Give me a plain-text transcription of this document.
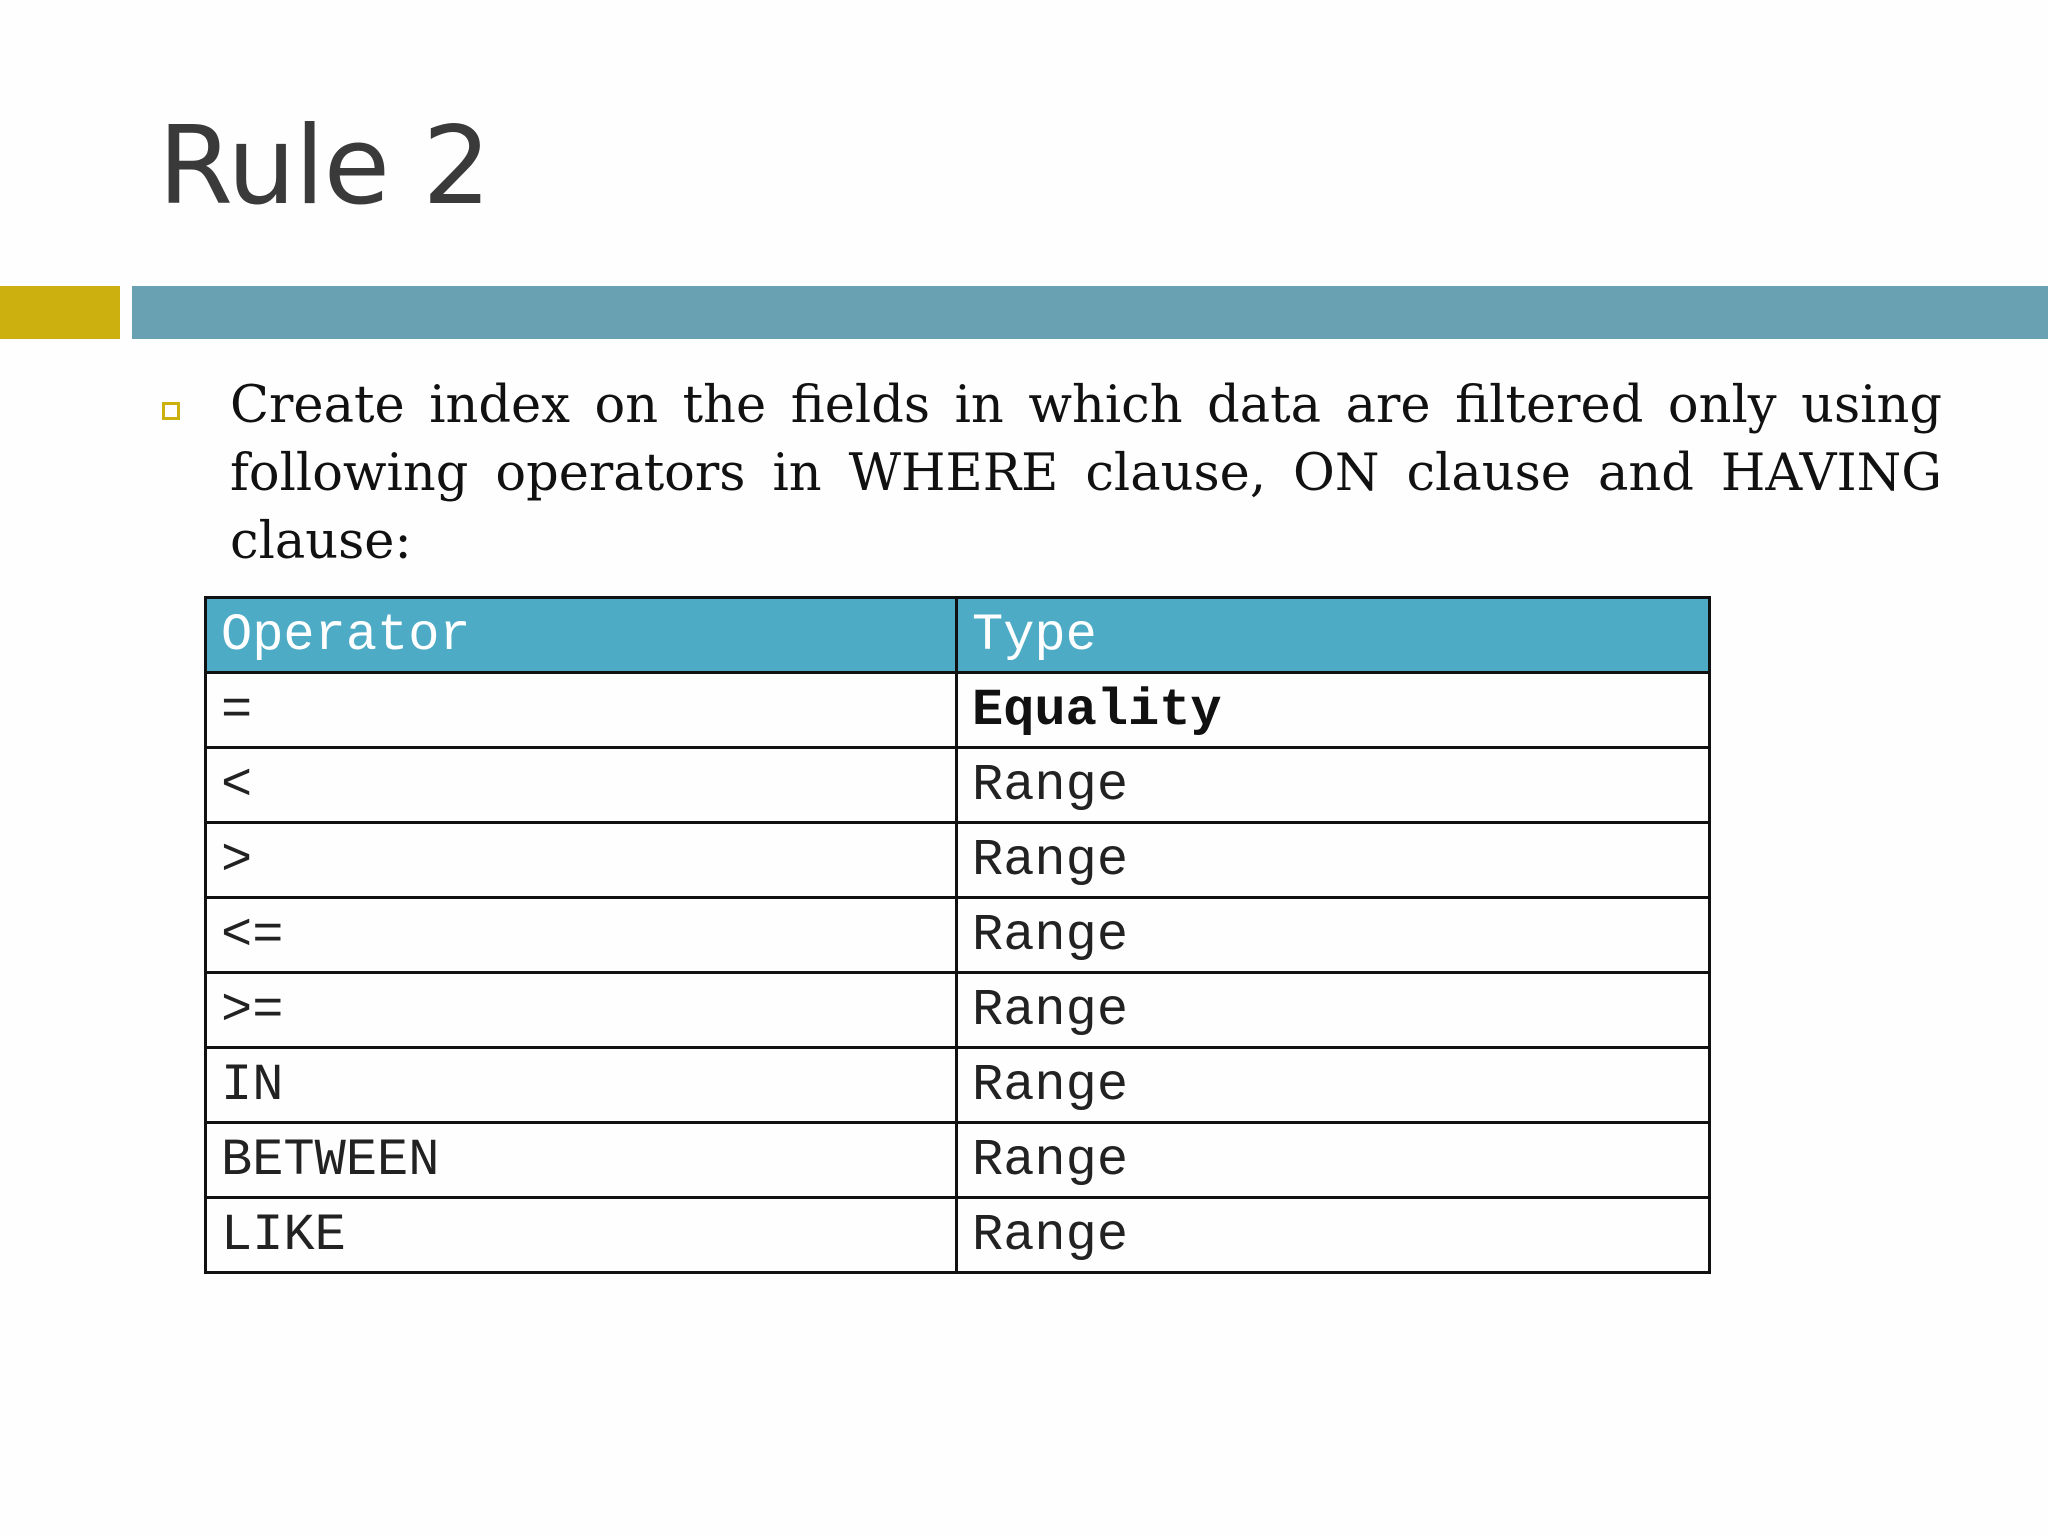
Rule 2
Create index on the fields in which data are filtered only using following operators in WHERE clause, ON clause and HAVING clause:
Operator	Type
=	Equality
<	Range
>	Range
<=	Range
>=	Range
IN	Range
BETWEEN	Range
LIKE	Range
